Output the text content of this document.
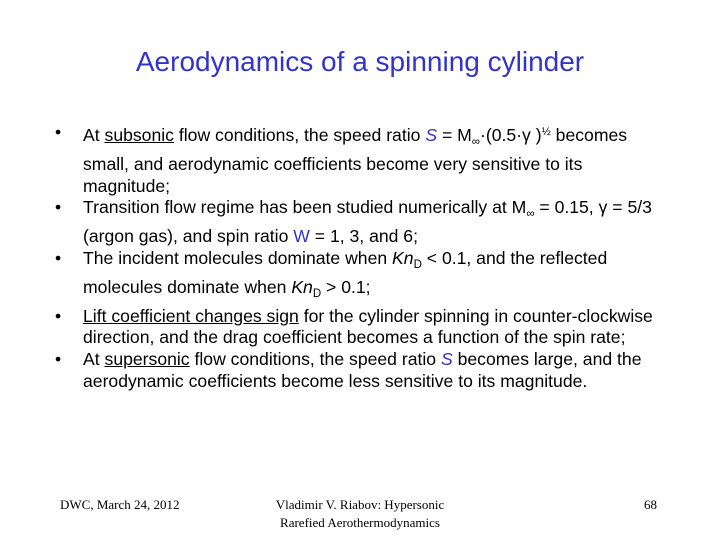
Aerodynamics of a spinning cylinder
• At subsonic flow conditions, the speed ratio $S = M_\infty\cdot(0.5\cdot\gamma$ )$^{\frac{1}{2}}$ becomes small, and aerodynamic coefficients become very sensitive to its magnitude;
• Transition flow regime has been studied numerically at $M_\infty = 0.15$, γ = 5/3 (argon gas), and spin ratio W = 1, 3, and 6;
• The incident molecules dominate when $Kn_D < 0.1$, and the reflected molecules dominate when $Kn_D > 0.1$;
• Lift coefficient changes sign for the cylinder spinning in counter-clockwise direction, and the drag coefficient becomes a function of the spin rate;
• At supersonic flow conditions, the speed ratio S becomes large, and the aerodynamic coefficients become less sensitive to its magnitude.
DWC, March 24, 2012	Vladimir V. Riabov: Hypersonic
Rarefied Aerothermodynamics
68
